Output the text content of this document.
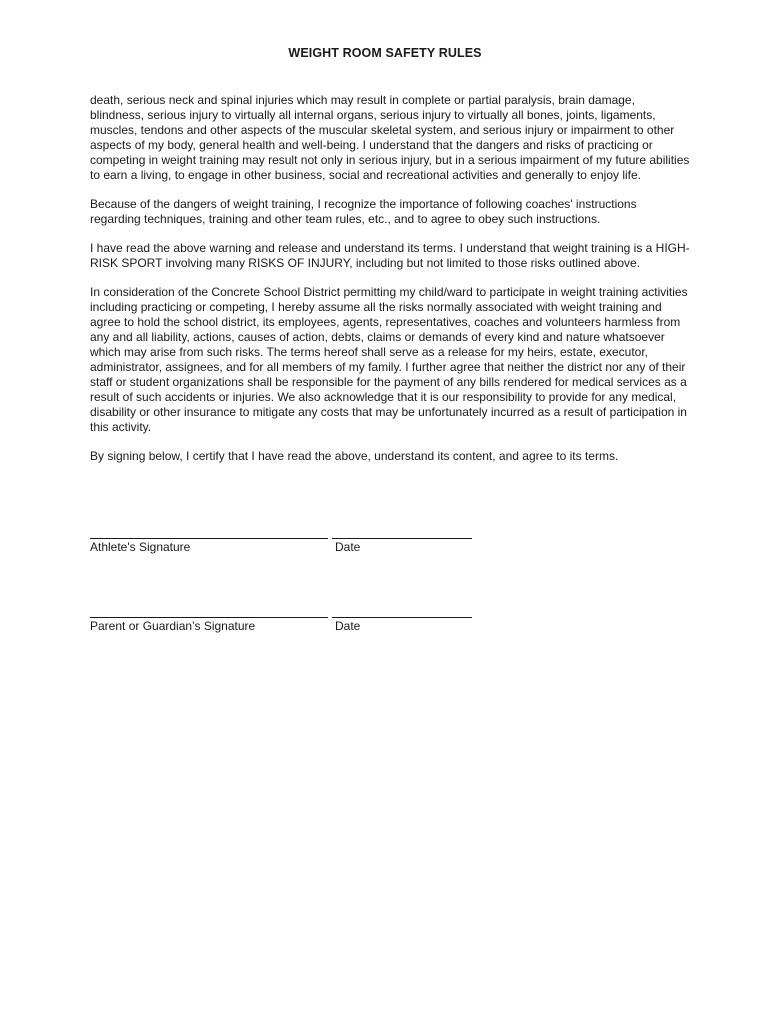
WEIGHT ROOM SAFETY RULES

death, serious neck and spinal injuries which may result in complete or partial paralysis, brain damage, blindness, serious injury to virtually all internal organs, serious injury to virtually all bones, joints, ligaments, muscles, tendons and other aspects of the muscular skeletal system, and serious injury or impairment to other aspects of my body, general health and well-being. I understand that the dangers and risks of practicing or competing in weight training may result not only in serious injury, but in a serious impairment of my future abilities to earn a living, to engage in other business, social and recreational activities and generally to enjoy life.

Because of the dangers of weight training, I recognize the importance of following coaches' instructions regarding techniques, training and other team rules, etc., and to agree to obey such instructions.

I have read the above warning and release and understand its terms. I understand that weight training is a HIGH-RISK SPORT involving many RISKS OF INJURY, including but not limited to those risks outlined above.

In consideration of the Concrete School District permitting my child/ward to participate in weight training activities including practicing or competing, I hereby assume all the risks normally associated with weight training and agree to hold the school district, its employees, agents, representatives, coaches and volunteers harmless from any and all liability, actions, causes of action, debts, claims or demands of every kind and nature whatsoever which may arise from such risks. The terms hereof shall serve as a release for my heirs, estate, executor, administrator, assignees, and for all members of my family. I further agree that neither the district nor any of their staff or student organizations shall be responsible for the payment of any bills rendered for medical services as a result of such accidents or injuries. We also acknowledge that it is our responsibility to provide for any medical, disability or other insurance to mitigate any costs that may be unfortunately incurred as a result of participation in this activity.

By signing below, I certify that I have read the above, understand its content, and agree to its terms.

Athlete's Signature	Date
Parent or Guardian’s Signature	Date
